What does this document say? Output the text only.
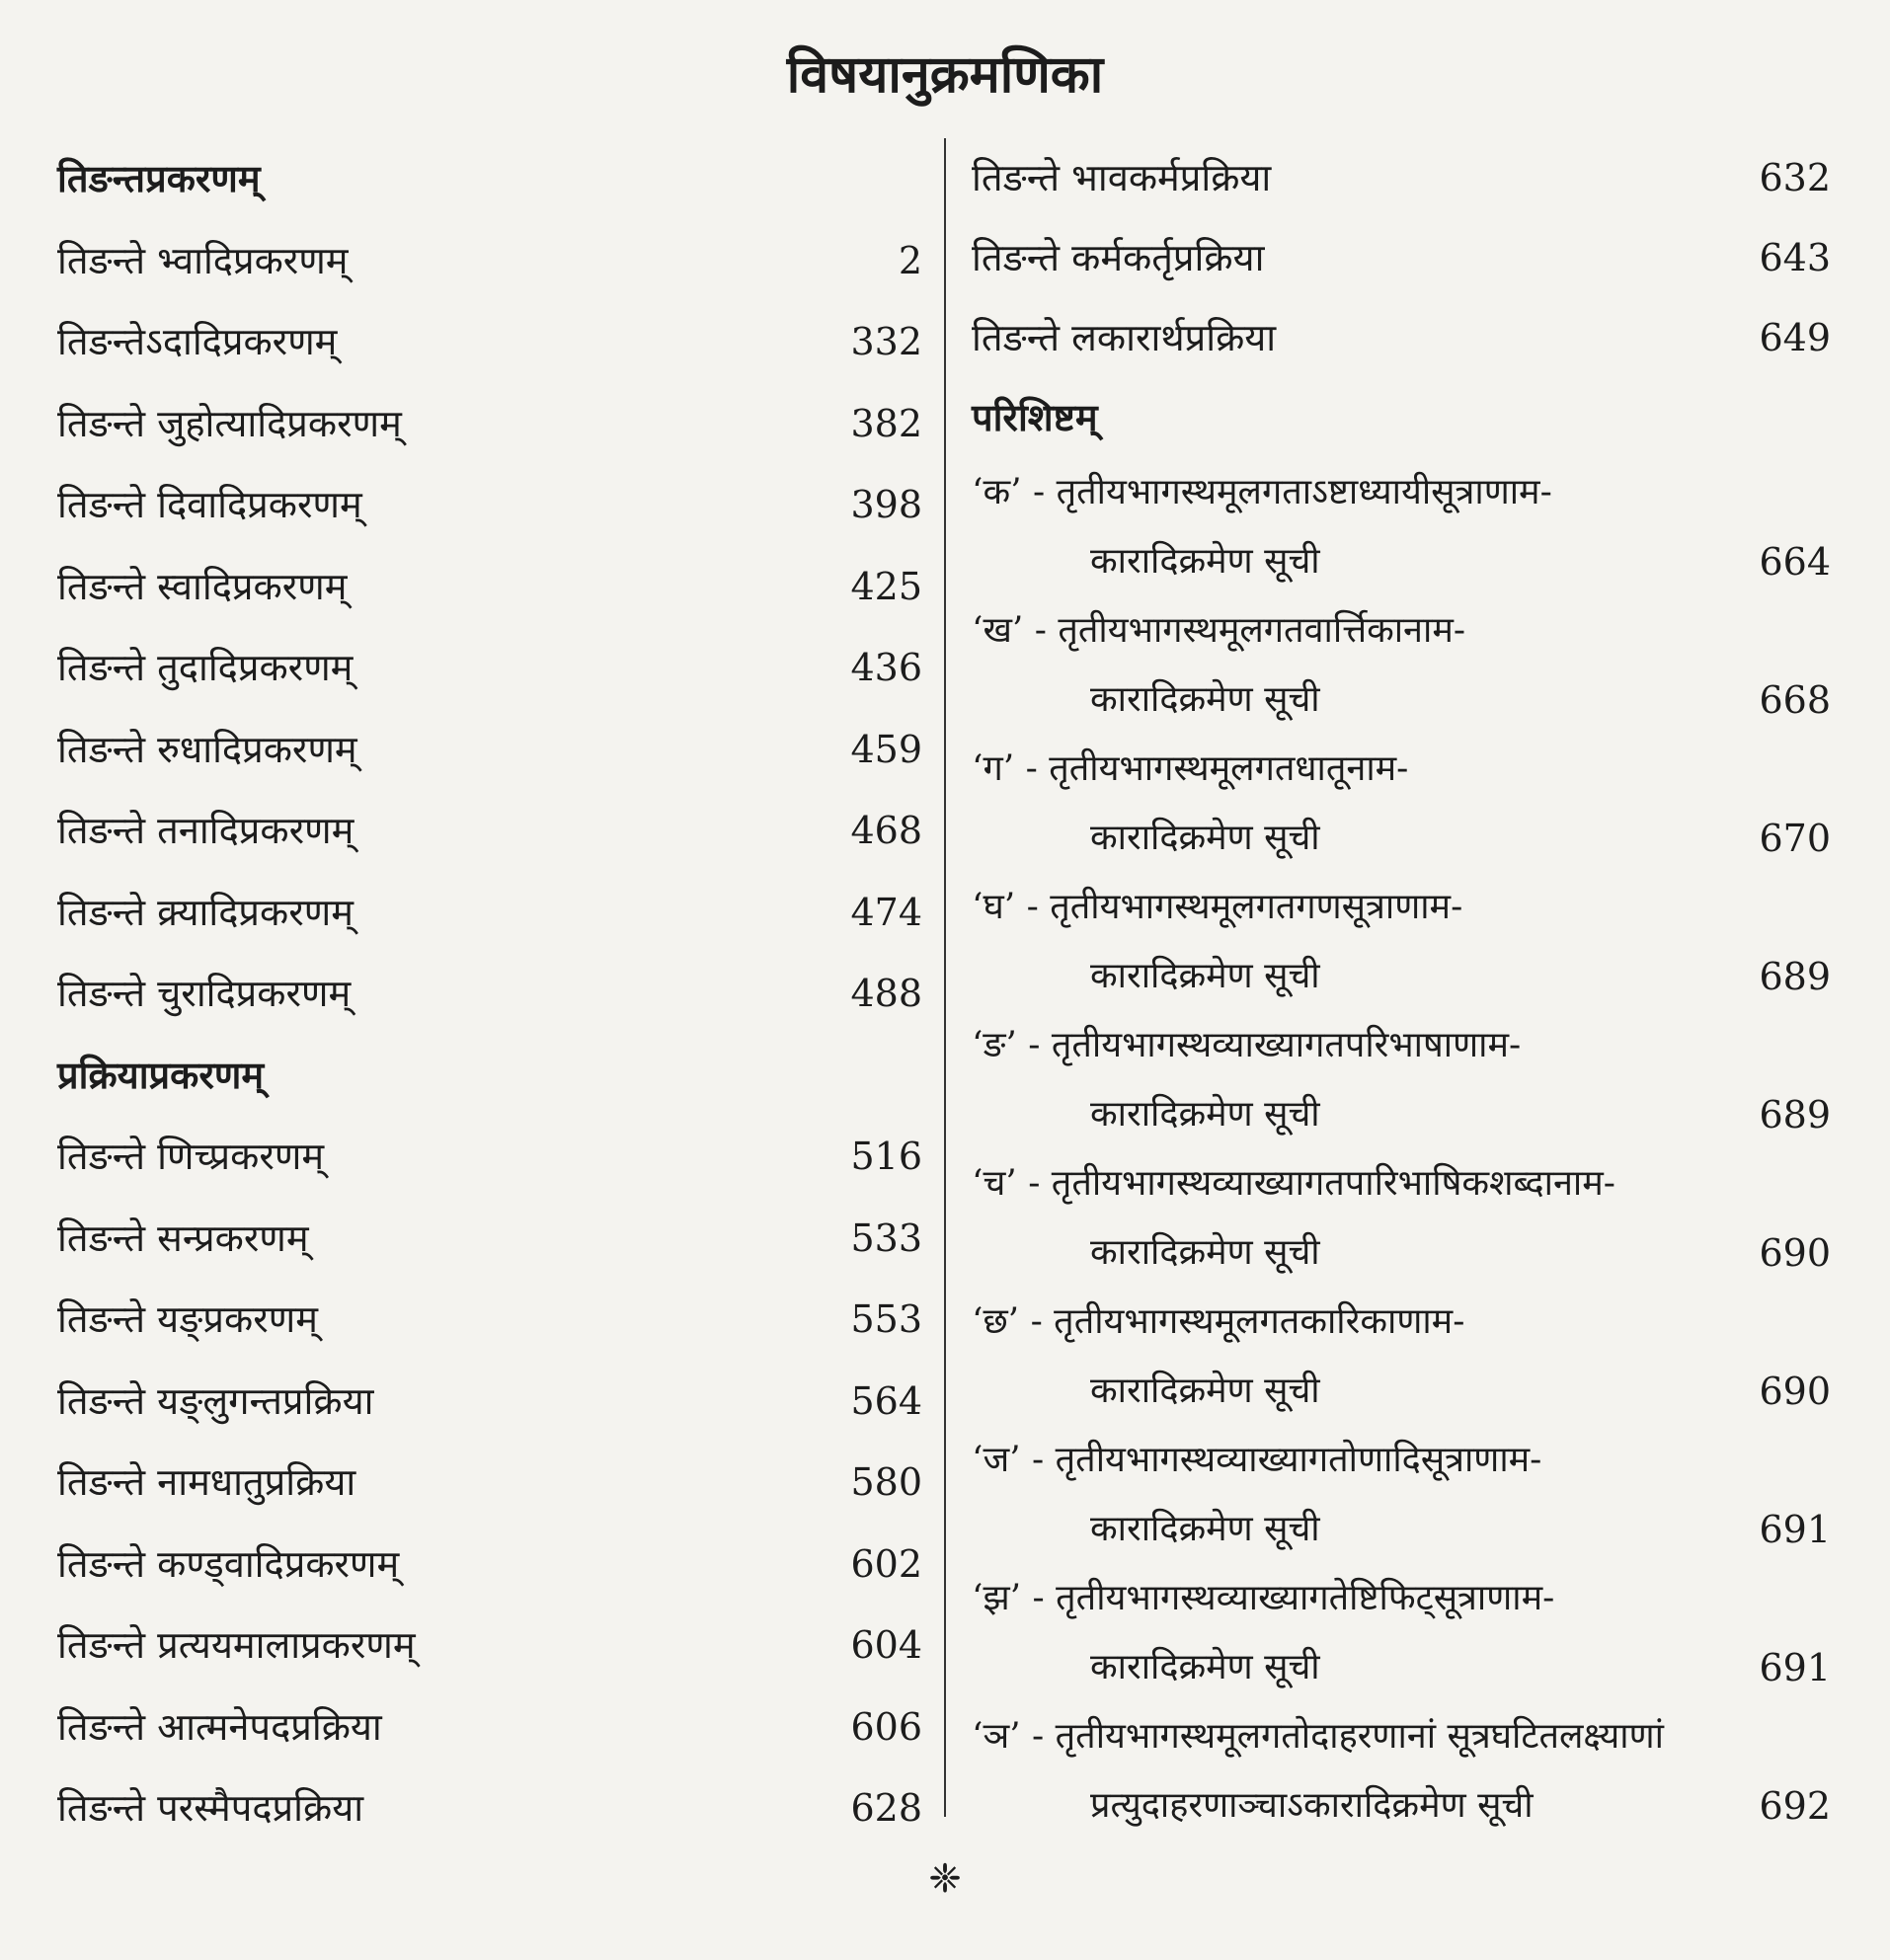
विषयानुक्रमणिका
तिङन्तप्रकरणम्
तिङन्ते भ्वादिप्रकरणम्	2
तिङन्तेऽदादिप्रकरणम्	332
तिङन्ते जुहोत्यादिप्रकरणम्	382
तिङन्ते दिवादिप्रकरणम्	398
तिङन्ते स्वादिप्रकरणम्	425
तिङन्ते तुदादिप्रकरणम्	436
तिङन्ते रुधादिप्रकरणम्	459
तिङन्ते तनादिप्रकरणम्	468
तिङन्ते क्र्यादिप्रकरणम्	474
तिङन्ते चुरादिप्रकरणम्	488
प्रक्रियाप्रकरणम्
तिङन्ते णिच्प्रकरणम्	516
तिङन्ते सन्प्रकरणम्	533
तिङन्ते यङ्प्रकरणम्	553
तिङन्ते यङ्लुगन्तप्रक्रिया	564
तिङन्ते नामधातुप्रक्रिया	580
तिङन्ते कण्ड्वादिप्रकरणम्	602
तिङन्ते प्रत्ययमालाप्रकरणम्	604
तिङन्ते आत्मनेपदप्रक्रिया	606
तिङन्ते परस्मैपदप्रक्रिया	628
तिङन्ते भावकर्मप्रक्रिया	632
तिङन्ते कर्मकर्तृप्रक्रिया	643
तिङन्ते लकारार्थप्रक्रिया	649
परिशिष्टम्
‘क’ - तृतीयभागस्थमूलगताऽष्टाध्यायीसूत्राणाम-
कारादिक्रमेण सूची	664
‘ख’ - तृतीयभागस्थमूलगतवार्त्तिकानाम-
कारादिक्रमेण सूची	668
‘ग’ - तृतीयभागस्थमूलगतधातूनाम-
कारादिक्रमेण सूची	670
‘घ’ - तृतीयभागस्थमूलगतगणसूत्राणाम-
कारादिक्रमेण सूची	689
‘ङ’ - तृतीयभागस्थव्याख्यागतपरिभाषाणाम-
कारादिक्रमेण सूची	689
‘च’ - तृतीयभागस्थव्याख्यागतपारिभाषिकशब्दानाम-
कारादिक्रमेण सूची	690
‘छ’ - तृतीयभागस्थमूलगतकारिकाणाम-
कारादिक्रमेण सूची	690
‘ज’ - तृतीयभागस्थव्याख्यागतोणादिसूत्राणाम-
कारादिक्रमेण सूची	691
‘झ’ - तृतीयभागस्थव्याख्यागतेष्टिफिट्सूत्राणाम-
कारादिक्रमेण सूची	691
‘ञ’ - तृतीयभागस्थमूलगतोदाहरणानां सूत्रघटितलक्ष्याणां
प्रत्युदाहरणाञ्चाऽकारादिक्रमेण सूची	692
❈
